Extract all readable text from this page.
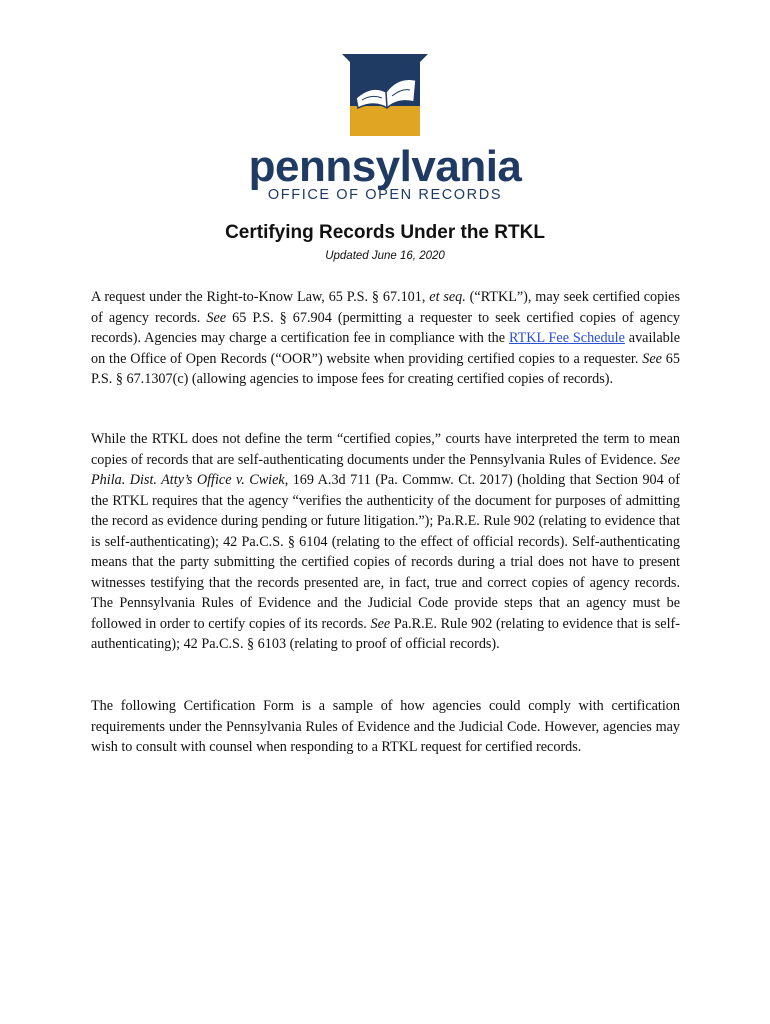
pennsylvania
OFFICE OF OPEN RECORDS
Certifying Records Under the RTKL
Updated June 16, 2020
A request under the Right-to-Know Law, 65 P.S. § 67.101, et seq. (“RTKL”), may seek certified copies of agency records. See 65 P.S. § 67.904 (permitting a requester to seek certified copies of agency records). Agencies may charge a certification fee in compliance with the RTKL Fee Schedule available on the Office of Open Records (“OOR”) website when providing certified copies to a requester. See 65 P.S. § 67.1307(c) (allowing agencies to impose fees for creating certified copies of records).
While the RTKL does not define the term “certified copies,” courts have interpreted the term to mean copies of records that are self-authenticating documents under the Pennsylvania Rules of Evidence. See Phila. Dist. Atty’s Office v. Cwiek, 169 A.3d 711 (Pa. Commw. Ct. 2017) (holding that Section 904 of the RTKL requires that the agency “verifies the authenticity of the document for purposes of admitting the record as evidence during pending or future litigation.”); Pa.R.E. Rule 902 (relating to evidence that is self-authenticating); 42 Pa.C.S. § 6104 (relating to the effect of official records). Self-authenticating means that the party submitting the certified copies of records during a trial does not have to present witnesses testifying that the records presented are, in fact, true and correct copies of agency records. The Pennsylvania Rules of Evidence and the Judicial Code provide steps that an agency must be followed in order to certify copies of its records. See Pa.R.E. Rule 902 (relating to evidence that is self-authenticating); 42 Pa.C.S. § 6103 (relating to proof of official records).
The following Certification Form is a sample of how agencies could comply with certification requirements under the Pennsylvania Rules of Evidence and the Judicial Code. However, agencies may wish to consult with counsel when responding to a RTKL request for certified records.
